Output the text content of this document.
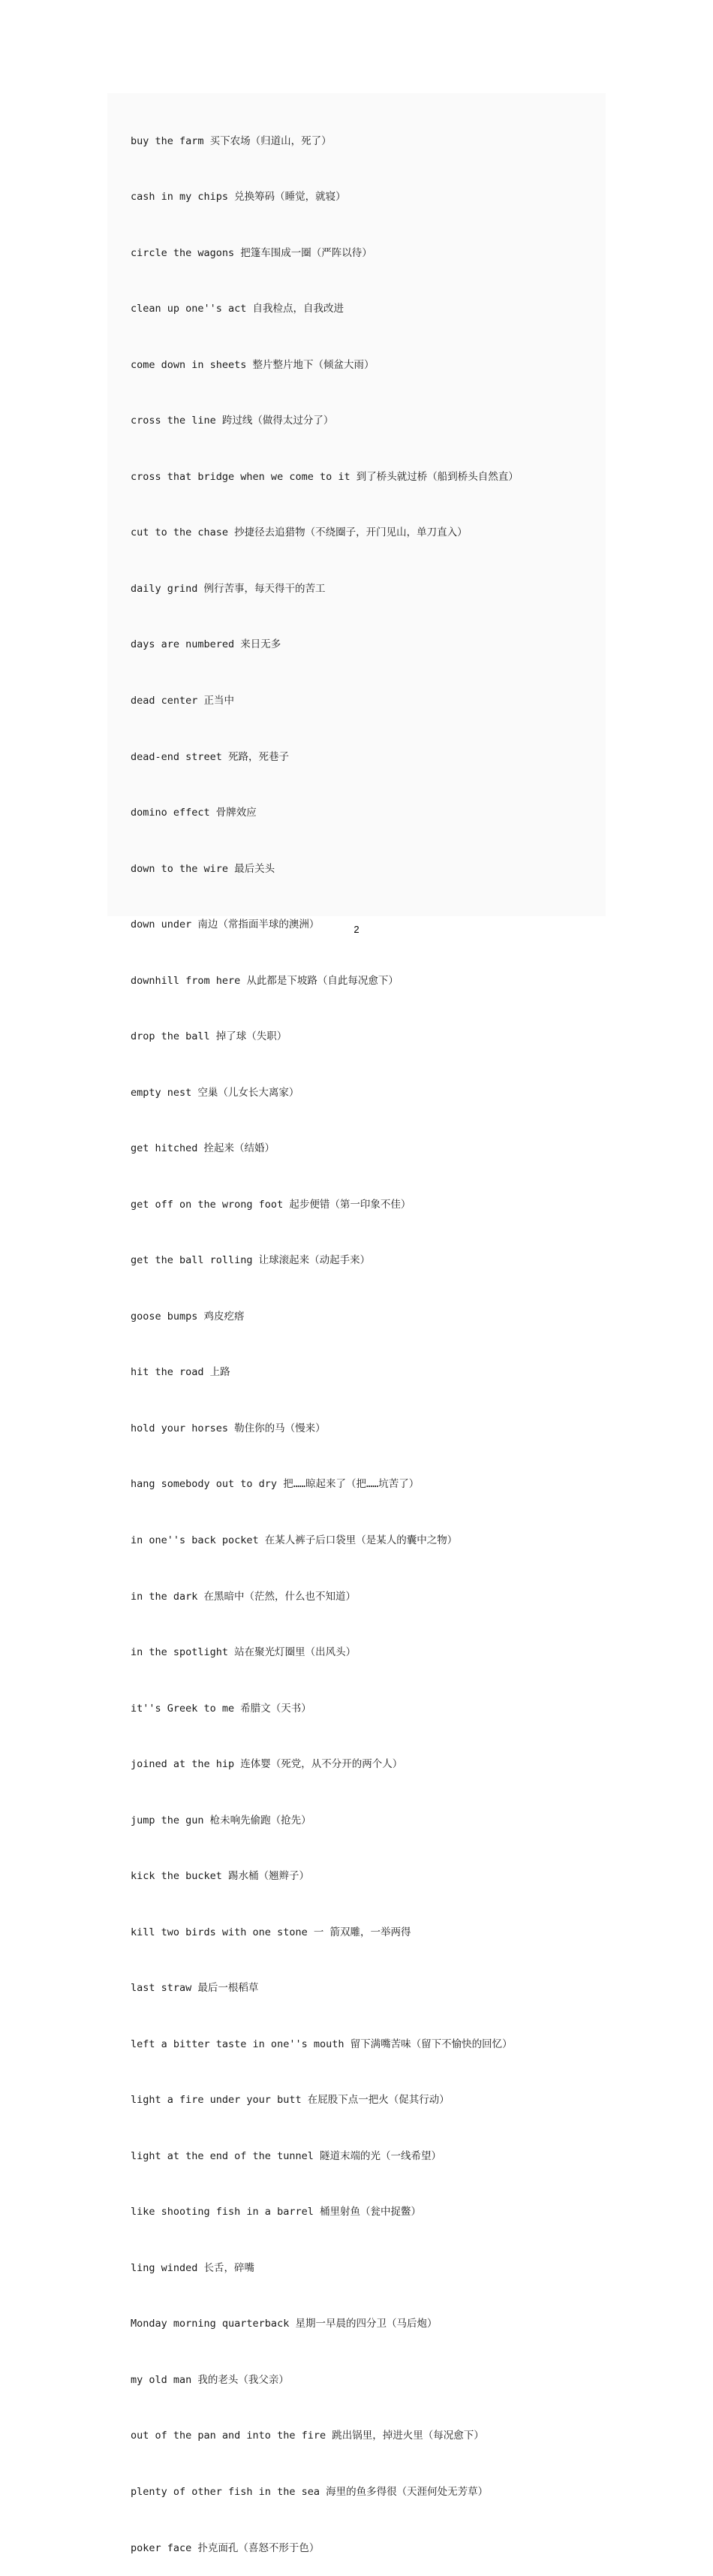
buy the farm 买下农场（归道山，死了）

cash in my chips 兑换筹码（睡觉，就寝）

circle the wagons 把篷车围成一圈（严阵以待）

clean up one''s act 自我检点，自我改进

come down in sheets 整片整片地下（倾盆大雨）

cross the line 跨过线（做得太过分了）

cross that bridge when we come to it 到了桥头就过桥（船到桥头自然直）

cut to the chase 抄捷径去追猎物（不绕圈子，开门见山，单刀直入）

daily grind 例行苦事，每天得干的苦工

days are numbered 来日无多

dead center 正当中

dead-end street 死路，死巷子

domino effect 骨牌效应

down to the wire 最后关头

down under 南边（常指面半球的澳洲）

downhill from here 从此都是下坡路（自此每况愈下）

drop the ball 掉了球（失职）

empty nest 空巢（儿女长大离家）

get hitched 拴起来（结婚）

get off on the wrong foot 起步便错（第一印象不佳）

get the ball rolling 让球滚起来（动起手来）

goose bumps 鸡皮疙瘩

hit the road 上路

hold your horses 勒住你的马（慢来）

hang somebody out to dry 把……晾起来了（把……坑苦了）

in one''s back pocket 在某人裤子后口袋里（是某人的囊中之物）

in the dark 在黑暗中（茫然，什么也不知道）

in the spotlight 站在聚光灯圈里（出风头）

it''s Greek to me 希腊文（天书）

joined at the hip 连体婴（死党，从不分开的两个人）

jump the gun 枪未响先偷跑（抢先）

kick the bucket 踢水桶（翘辫子）

kill two birds with one stone 一 箭双雕，一举两得

last straw 最后一根稻草

left a bitter taste in one''s mouth 留下满嘴苦味（留下不愉快的回忆）

light a fire under your butt 在屁股下点一把火（促其行动）

light at the end of the tunnel 隧道末端的光（一线希望）

like shooting fish in a barrel 桶里射鱼（瓮中捉鳖）

ling winded 长舌，碎嘴

Monday morning quarterback 星期一早晨的四分卫（马后炮）

my old man 我的老头（我父亲）

out of the pan and into the fire 跳出锅里，掉进火里（每况愈下）

plenty of other fish in the sea 海里的鱼多得很（天涯何处无芳草）

poker face 扑克面孔（喜怒不形于色）

2
